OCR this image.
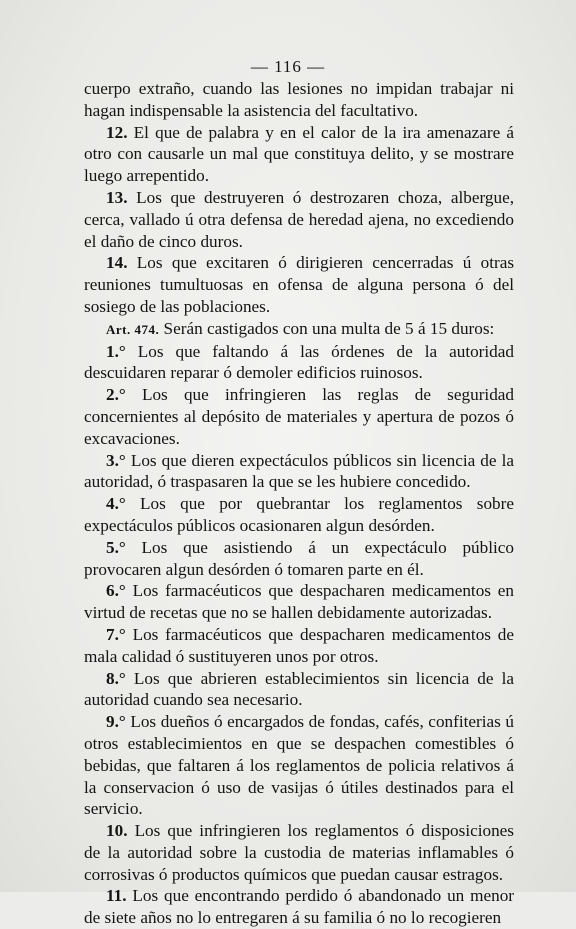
— 116 —

cuerpo extraño, cuando las lesiones no impidan trabajar ni hagan indispensable la asistencia del facultativo.

12. El que de palabra y en el calor de la ira amenazare á otro con causarle un mal que constituya delito, y se mostrare luego arrepentido.

13. Los que destruyeren ó destrozaren choza, albergue, cerca, vallado ú otra defensa de heredad ajena, no excediendo el daño de cinco duros.

14. Los que excitaren ó dirigieren cencerradas ú otras reuniones tumultuosas en ofensa de alguna persona ó del sosiego de las poblaciones.

Art. 474. Serán castigados con una multa de 5 á 15 duros:

1.° Los que faltando á las órdenes de la autoridad descuidaren reparar ó demoler edificios ruinosos.

2.° Los que infringieren las reglas de seguridad concernientes al depósito de materiales y apertura de pozos ó excavaciones.

3.° Los que dieren expectáculos públicos sin licencia de la autoridad, ó traspasaren la que se les hubiere concedido.

4.° Los que por quebrantar los reglamentos sobre expectáculos públicos ocasionaren algun desórden.

5.° Los que asistiendo á un expectáculo público provocaren algun desórden ó tomaren parte en él.

6.° Los farmacéuticos que despacharen medicamentos en virtud de recetas que no se hallen debidamente autorizadas.

7.° Los farmacéuticos que despacharen medicamentos de mala calidad ó sustituyeren unos por otros.

8.° Los que abrieren establecimientos sin licencia de la autoridad cuando sea necesario.

9.° Los dueños ó encargados de fondas, cafés, confiterias ú otros establecimientos en que se despachen comestibles ó bebidas, que faltaren á los reglamentos de policia relativos á la conservacion ó uso de vasijas ó útiles destinados para el servicio.

10. Los que infringieren los reglamentos ó disposiciones de la autoridad sobre la custodia de materias inflamables ó corrosivas ó productos químicos que puedan causar estragos.

11. Los que encontrando perdido ó abandonado un menor de siete años no lo entregaren á su familia ó no lo recogieren
